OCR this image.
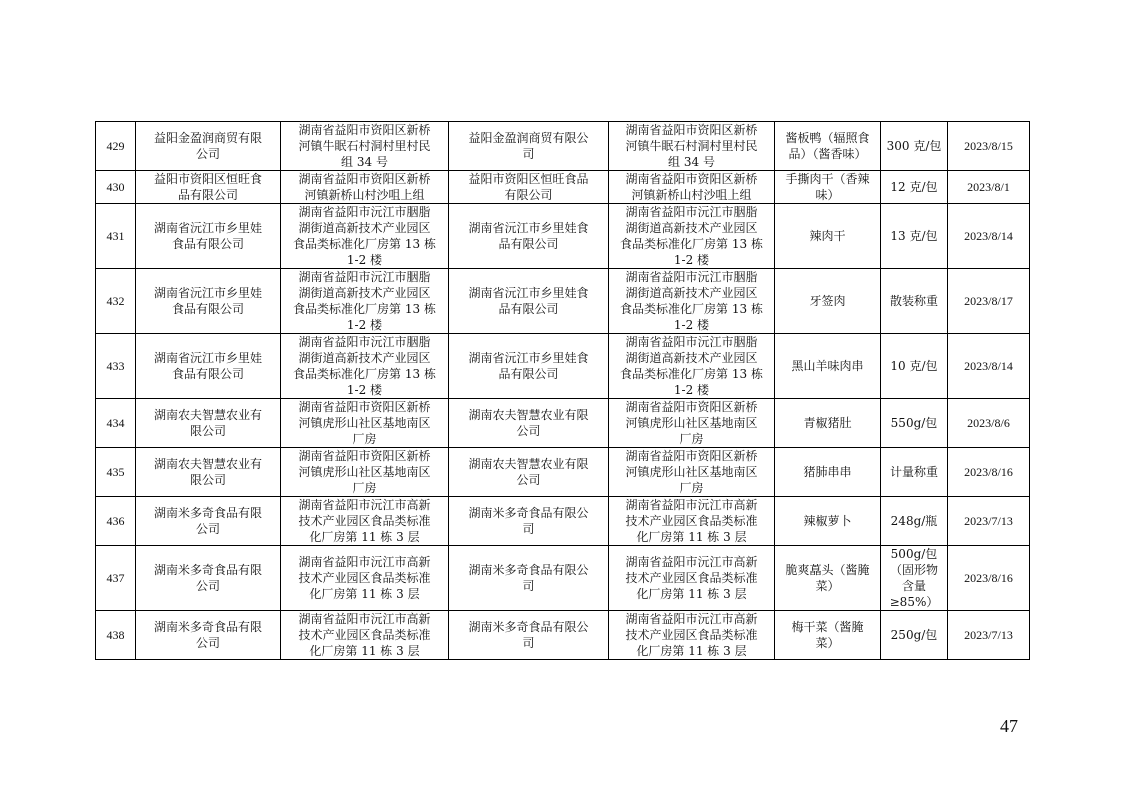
429	益阳金盈润商贸有限
公司	湖南省益阳市资阳区新桥
河镇牛眠石村洞村里村民
组 34 号	益阳金盈润商贸有限公
司	湖南省益阳市资阳区新桥
河镇牛眠石村洞村里村民
组 34 号	酱板鸭（辐照食
品）（酱香味）	300 克/包	2023/8/15
430	益阳市资阳区恒旺食
品有限公司	湖南省益阳市资阳区新桥
河镇新桥山村沙咀上组	益阳市资阳区恒旺食品
有限公司	湖南省益阳市资阳区新桥
河镇新桥山村沙咀上组	手撕肉干（香辣
味）	12 克/包	2023/8/1
431	湖南省沅江市乡里娃
食品有限公司	湖南省益阳市沅江市胭脂
湖街道高新技术产业园区
食品类标准化厂房第 13 栋
1-2 楼	湖南省沅江市乡里娃食
品有限公司	湖南省益阳市沅江市胭脂
湖街道高新技术产业园区
食品类标准化厂房第 13 栋
1-2 楼	辣肉干	13 克/包	2023/8/14
432	湖南省沅江市乡里娃
食品有限公司	湖南省益阳市沅江市胭脂
湖街道高新技术产业园区
食品类标准化厂房第 13 栋
1-2 楼	湖南省沅江市乡里娃食
品有限公司	湖南省益阳市沅江市胭脂
湖街道高新技术产业园区
食品类标准化厂房第 13 栋
1-2 楼	牙签肉	散装称重	2023/8/17
433	湖南省沅江市乡里娃
食品有限公司	湖南省益阳市沅江市胭脂
湖街道高新技术产业园区
食品类标准化厂房第 13 栋
1-2 楼	湖南省沅江市乡里娃食
品有限公司	湖南省益阳市沅江市胭脂
湖街道高新技术产业园区
食品类标准化厂房第 13 栋
1-2 楼	黑山羊味肉串	10 克/包	2023/8/14
434	湖南农夫智慧农业有
限公司	湖南省益阳市资阳区新桥
河镇虎形山社区基地南区
厂房	湖南农夫智慧农业有限
公司	湖南省益阳市资阳区新桥
河镇虎形山社区基地南区
厂房	青椒猪肚	550g/包	2023/8/6
435	湖南农夫智慧农业有
限公司	湖南省益阳市资阳区新桥
河镇虎形山社区基地南区
厂房	湖南农夫智慧农业有限
公司	湖南省益阳市资阳区新桥
河镇虎形山社区基地南区
厂房	猪肺串串	计量称重	2023/8/16
436	湖南米多奇食品有限
公司	湖南省益阳市沅江市高新
技术产业园区食品类标准
化厂房第 11 栋 3 层	湖南米多奇食品有限公
司	湖南省益阳市沅江市高新
技术产业园区食品类标准
化厂房第 11 栋 3 层	辣椒萝卜	248g/瓶	2023/7/13
437	湖南米多奇食品有限
公司	湖南省益阳市沅江市高新
技术产业园区食品类标准
化厂房第 11 栋 3 层	湖南米多奇食品有限公
司	湖南省益阳市沅江市高新
技术产业园区食品类标准
化厂房第 11 栋 3 层	脆爽藠头（酱腌
菜）	500g/包
（固形物
含量
≥85%）	2023/8/16
438	湖南米多奇食品有限
公司	湖南省益阳市沅江市高新
技术产业园区食品类标准
化厂房第 11 栋 3 层	湖南米多奇食品有限公
司	湖南省益阳市沅江市高新
技术产业园区食品类标准
化厂房第 11 栋 3 层	梅干菜（酱腌
菜）	250g/包	2023/7/13
47
